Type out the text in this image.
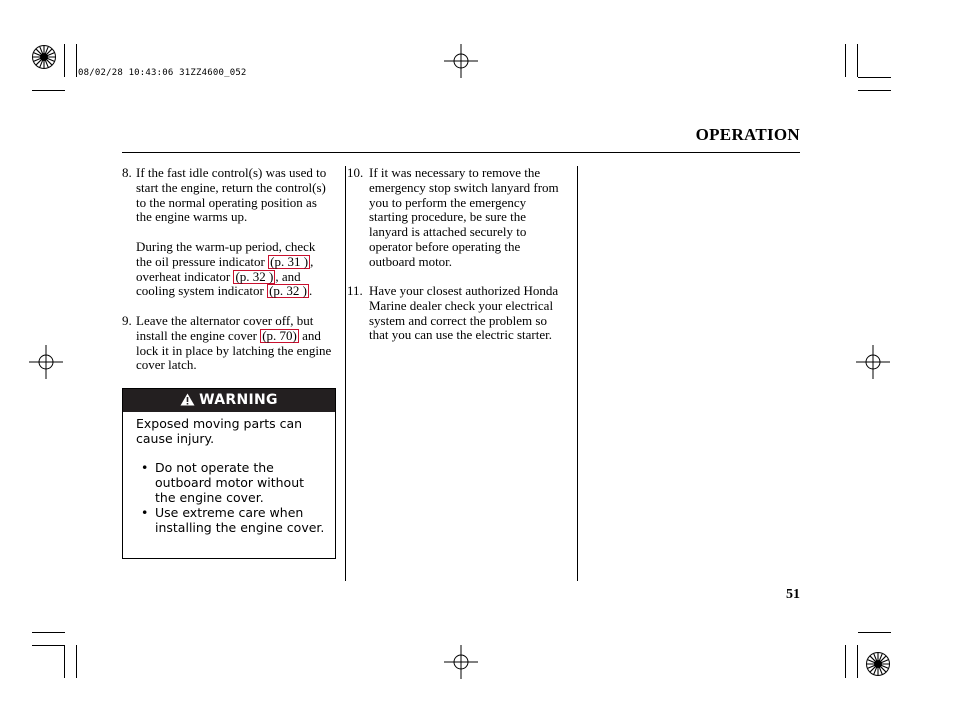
08/02/28 10:43:06 31ZZ4600_052
OPERATION
8. If the fast idle control(s) was used to start the engine, return the control(s) to the normal operating position as the engine warms up.

During the warm-up period, check the oil pressure indicator (p. 31 ) , overheat indicator (p. 32 ) , and cooling system indicator (p. 32 ) .

9. Leave the alternator cover off, but install the engine cover (p. 70) and lock it in place by latching the engine cover latch.

WARNING

Exposed moving parts can cause injury.

• Do not operate the outboard motor without the engine cover.
• Use extreme care when installing the engine cover.
10. If it was necessary to remove the emergency stop switch lanyard from you to perform the emergency starting procedure, be sure the lanyard is attached securely to operator before operating the outboard motor.

11. Have your closest authorized Honda Marine dealer check your electrical system and correct the problem so that you can use the electric starter.

51
